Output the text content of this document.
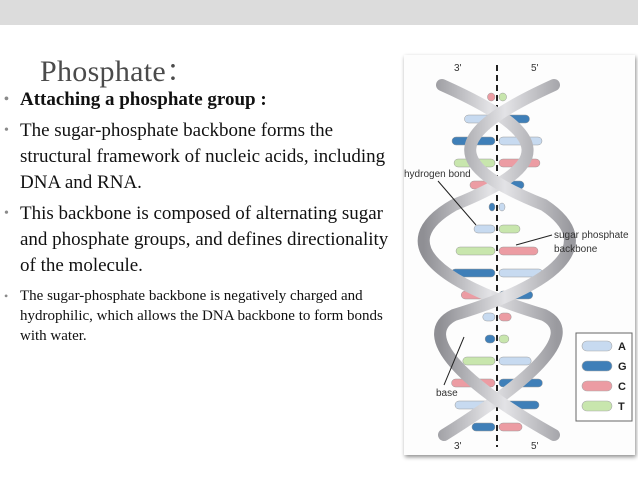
Phosphate：
• Attaching a phosphate group :
• The sugar-phosphate backbone forms the structural framework of nucleic acids, including DNA and RNA.
• This backbone is composed of alternating sugar and phosphate groups, and defines directionality of the molecule.
• The sugar-phosphate backbone is negatively charged and hydrophilic, which allows the DNA backbone to form bonds with water.
3'	5'
3'	5'
hydrogen bond
sugar phosphate
backbone
base
A
G
C
T
